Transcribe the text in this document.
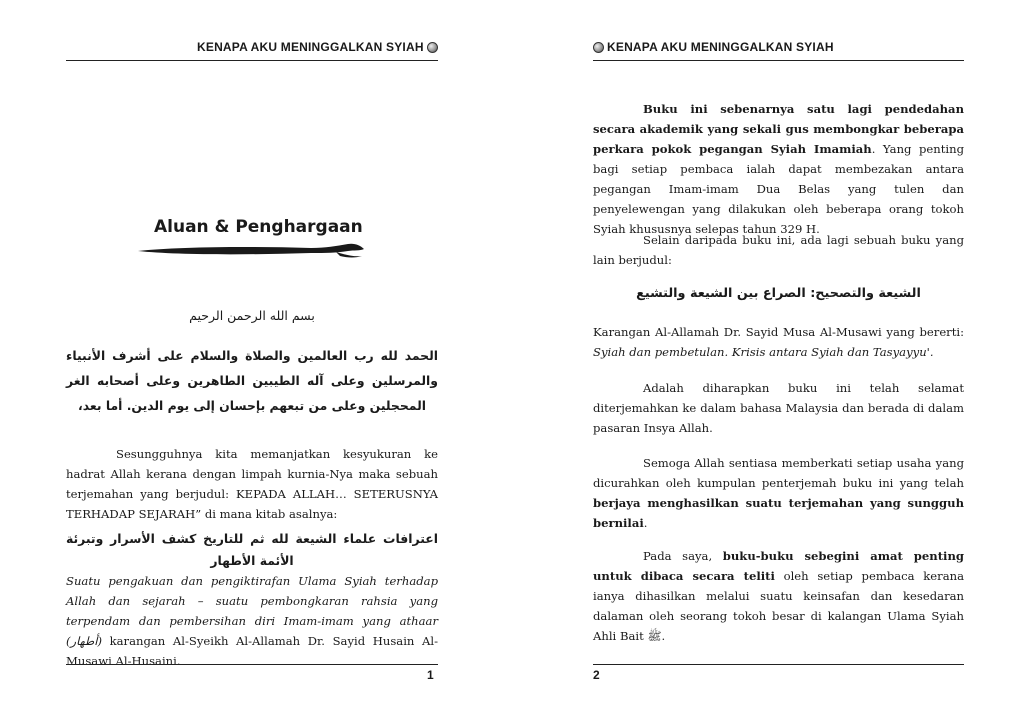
KENAPA AKU MENINGGALKAN SYIAH
Aluan & Penghargaan
بسم الله الرحمن الرحيم
الحمد لله رب العالمين والصلاة والسلام على أشرف الأنبياء والمرسلين وعلى آله الطيبين الطاهرين وعلى أصحابه الغر المحجلين وعلى من تبعهم بإحسان إلى يوم الدين. أما بعد،
Sesungguhnya kita memanjatkan kesyukuran ke hadrat Allah kerana dengan limpah kurnia-Nya maka sebuah terjemahan yang berjudul: KEPADA ALLAH… SETERUSNYA TERHADAP SEJARAH” di mana kitab asalnya:
اعترافات علماء الشيعة لله ثم للتاريخ كشف الأسرار وتبرئة الأئمة الأطهار
Suatu pengakuan dan pengiktirafan Ulama Syiah terhadap Allah dan sejarah – suatu pembongkaran rahsia yang terpendam dan pembersihan diri Imam-imam yang athaar (أطهار) karangan Al-Syeikh Al-Allamah Dr. Sayid Husain Al-Musawi Al-Husaini.
1
KENAPA AKU MENINGGALKAN SYIAH
Buku ini sebenarnya satu lagi pendedahan secara akademik yang sekali gus membongkar beberapa perkara pokok pegangan Syiah Imamiah. Yang penting bagi setiap pembaca ialah dapat membezakan antara pegangan Imam-imam Dua Belas yang tulen dan penyelewengan yang dilakukan oleh beberapa orang tokoh Syiah khususnya selepas tahun 329 H.
Selain daripada buku ini, ada lagi sebuah buku yang lain berjudul:
الشيعة والتصحيح: الصراع بين الشيعة والتشيع
Karangan Al-Allamah Dr. Sayid Musa Al-Musawi yang bererti: Syiah dan pembetulan. Krisis antara Syiah dan Tasyayyu'.
Adalah diharapkan buku ini telah selamat diterjemahkan ke dalam bahasa Malaysia dan berada di dalam pasaran Insya Allah.
Semoga Allah sentiasa memberkati setiap usaha yang dicurahkan oleh kumpulan penterjemah buku ini yang telah berjaya menghasilkan suatu terjemahan yang sungguh bernilai.
Pada saya, buku-buku sebegini amat penting untuk dibaca secara teliti oleh setiap pembaca kerana ianya dihasilkan melalui suatu keinsafan dan kesedaran dalaman oleh seorang tokoh besar di kalangan Ulama Syiah Ahli Bait ﷺ.
2
